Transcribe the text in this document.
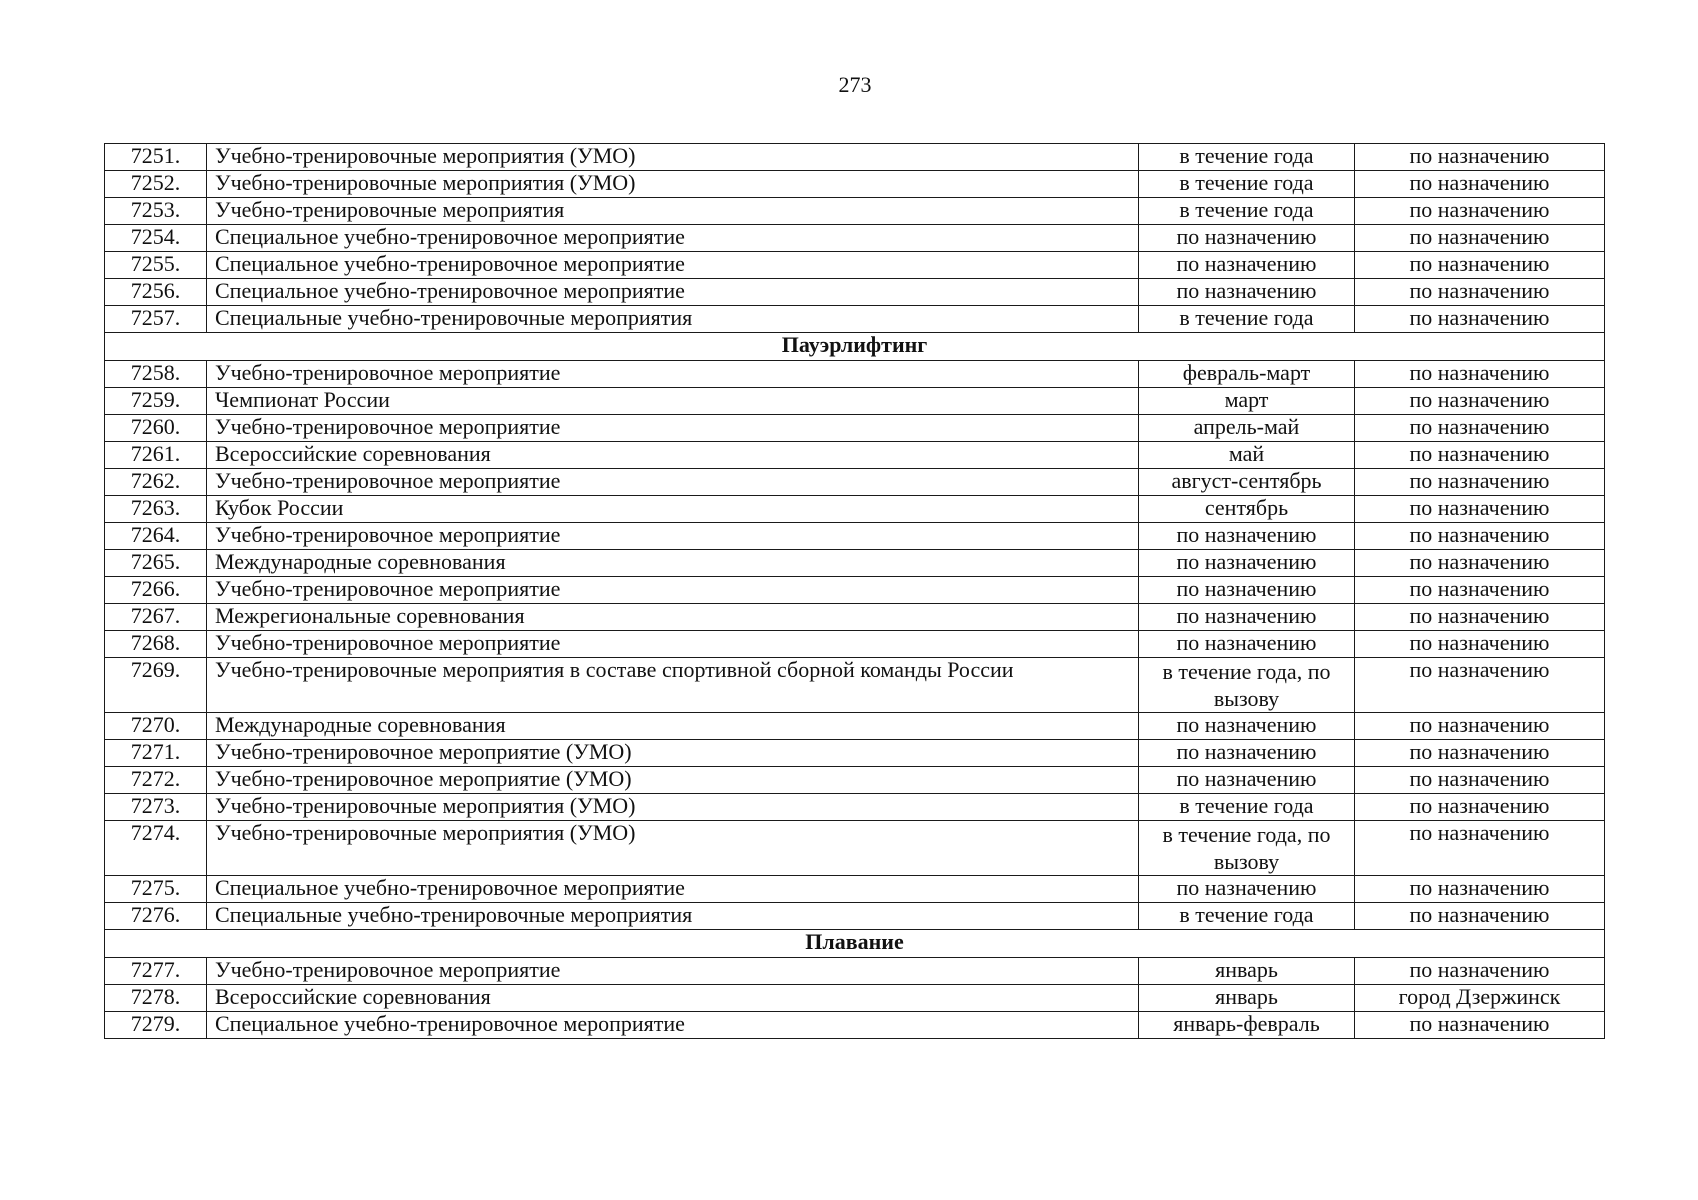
273
7251.	Учебно-тренировочные мероприятия (УМО)	в течение года	по назначению
7252.	Учебно-тренировочные мероприятия (УМО)	в течение года	по назначению
7253.	Учебно-тренировочные мероприятия	в течение года	по назначению
7254.	Специальное учебно-тренировочное мероприятие	по назначению	по назначению
7255.	Специальное учебно-тренировочное мероприятие	по назначению	по назначению
7256.	Специальное учебно-тренировочное мероприятие	по назначению	по назначению
7257.	Специальные учебно-тренировочные мероприятия	в течение года	по назначению
Пауэрлифтинг			
7258.	Учебно-тренировочное мероприятие	февраль-март	по назначению
7259.	Чемпионат России	март	по назначению
7260.	Учебно-тренировочное мероприятие	апрель-май	по назначению
7261.	Всероссийские соревнования	май	по назначению
7262.	Учебно-тренировочное мероприятие	август-сентябрь	по назначению
7263.	Кубок России	сентябрь	по назначению
7264.	Учебно-тренировочное мероприятие	по назначению	по назначению
7265.	Международные соревнования	по назначению	по назначению
7266.	Учебно-тренировочное мероприятие	по назначению	по назначению
7267.	Межрегиональные соревнования	по назначению	по назначению
7268.	Учебно-тренировочное мероприятие	по назначению	по назначению
7269.	Учебно-тренировочные мероприятия в составе спортивной сборной команды России	в течение года, по вызову	по назначению
7270.	Международные соревнования	по назначению	по назначению
7271.	Учебно-тренировочное мероприятие (УМО)	по назначению	по назначению
7272.	Учебно-тренировочное мероприятие (УМО)	по назначению	по назначению
7273.	Учебно-тренировочные мероприятия (УМО)	в течение года	по назначению
7274.	Учебно-тренировочные мероприятия (УМО)	в течение года, по вызову	по назначению
7275.	Специальное учебно-тренировочное мероприятие	по назначению	по назначению
7276.	Специальные учебно-тренировочные мероприятия	в течение года	по назначению
Плавание			
7277.	Учебно-тренировочное мероприятие	январь	по назначению
7278.	Всероссийские соревнования	январь	город Дзержинск
7279.	Специальное учебно-тренировочное мероприятие	январь-февраль	по назначению
